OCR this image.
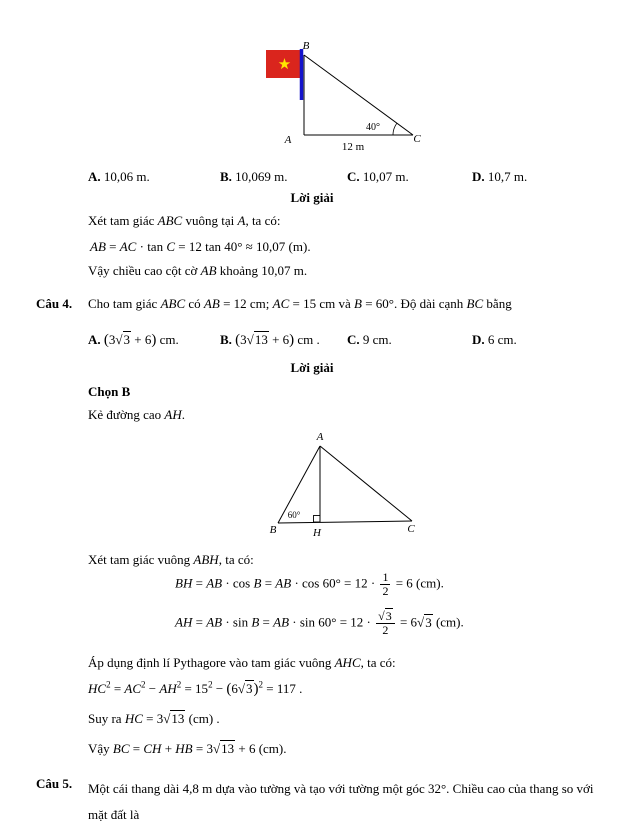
★
B
A	C
40°
12 m
A. 10,06 m.	B. 10,069 m.	C. 10,07 m.	D. 10,7 m.
Lời giải
Xét tam giác ABC vuông tại A, ta có:
AB = AC · tan C = 12 tan 40° ≈ 10,07 (m).
Vậy chiều cao cột cờ AB khoảng 10,07 m.
Câu 4. Cho tam giác ABC có AB = 12 cm; AC = 15 cm và B = 60°. Độ dài cạnh BC bằng
A. (3√3 + 6) cm.	B. (3√13 + 6) cm . C. 9 cm.	D. 6 cm.
Lời giải
Chọn B
Kẻ đường cao AH.
A
B	H	C
60°
Xét tam giác vuông ABH, ta có:
BH = AB · cos B = AB · $\cos 60^\circ = 12 \cdot \frac{1}{2} = 6$ (cm).
AH = AB · sin B = AB · $\sin 60^\circ = 12 \cdot \frac{√3}{2} = 6√3$ (cm).
Áp dụng định lí Pythagore vào tam giác vuông AHC, ta có:
$HC^2 = AC^2 - AH^2 = 15^2 - (6√3)^2 = 117$ .
Suy ra HC = 3√13 (cm) .
Vậy BC = CH + HB = 3√13 + 6 (cm).
Câu 5. Một cái thang dài 4,8 m dựa vào tường và tạo với tường một góc 32°. Chiều cao của thang so với mặt đất là
